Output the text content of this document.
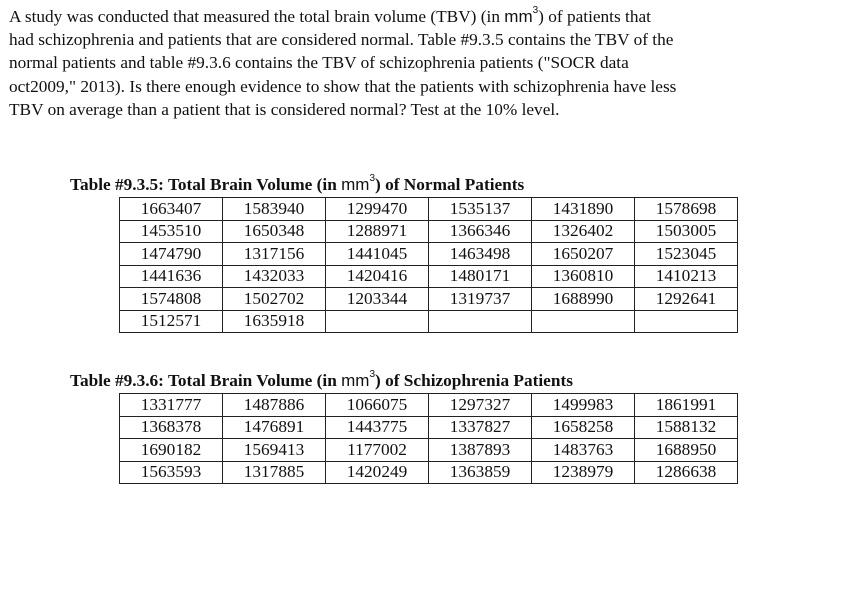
A study was conducted that measured the total brain volume (TBV) (in $mm^3$) of patients that
had schizophrenia and patients that are considered normal. Table #9.3.5 contains the TBV of the
normal patients and table #9.3.6 contains the TBV of schizophrenia patients ("SOCR data
oct2009," 2013). Is there enough evidence to show that the patients with schizophrenia have less
TBV on average than a patient that is considered normal? Test at the 10% level.

Table #9.3.5: Total Brain Volume (in $mm^3$) of Normal Patients
1663407	1583940	1299470	1535137	1431890	1578698
1453510	1650348	1288971	1366346	1326402	1503005
1474790	1317156	1441045	1463498	1650207	1523045
1441636	1432033	1420416	1480171	1360810	1410213
1574808	1502702	1203344	1319737	1688990	1292641
1512571	1635918				
Table #9.3.6: Total Brain Volume (in $mm^3$) of Schizophrenia Patients
1331777	1487886	1066075	1297327	1499983	1861991
1368378	1476891	1443775	1337827	1658258	1588132
1690182	1569413	1177002	1387893	1483763	1688950
1563593	1317885	1420249	1363859	1238979	1286638
